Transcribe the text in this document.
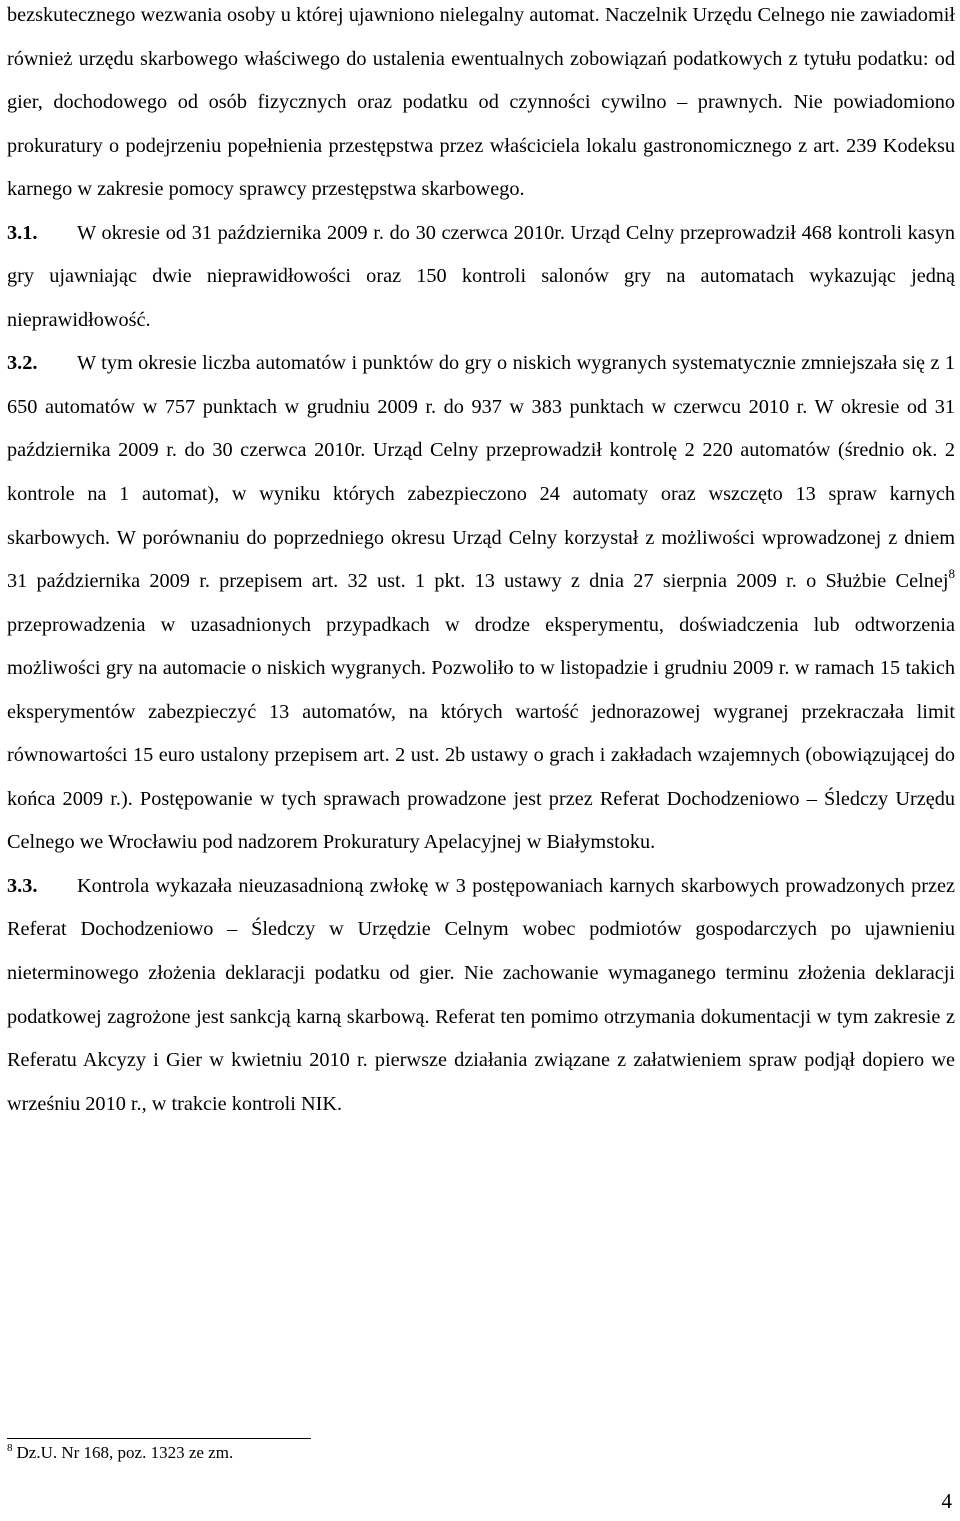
bezskutecznego wezwania osoby u której ujawniono nielegalny automat. Naczelnik Urzędu Celnego nie zawiadomił również urzędu skarbowego właściwego do ustalenia ewentualnych zobowiązań podatkowych z tytułu podatku: od gier, dochodowego od osób fizycznych oraz podatku od czynności cywilno – prawnych. Nie powiadomiono prokuratury o podejrzeniu popełnienia przestępstwa przez właściciela lokalu gastronomicznego z art. 239 Kodeksu karnego w zakresie pomocy sprawcy przestępstwa skarbowego.

3.1. W okresie od 31 października 2009 r. do 30 czerwca 2010r. Urząd Celny przeprowadził 468 kontroli kasyn gry ujawniając dwie nieprawidłowości oraz 150 kontroli salonów gry na automatach wykazując jedną nieprawidłowość.

3.2. W tym okresie liczba automatów i punktów do gry o niskich wygranych systematycznie zmniejszała się z 1 650 automatów w 757 punktach w grudniu 2009 r. do 937 w 383 punktach w czerwcu 2010 r. W okresie od 31 października 2009 r. do 30 czerwca 2010r. Urząd Celny przeprowadził kontrolę 2 220 automatów (średnio ok. 2 kontrole na 1 automat), w wyniku których zabezpieczono 24 automaty oraz wszczęto 13 spraw karnych skarbowych. W porównaniu do poprzedniego okresu Urząd Celny korzystał z możliwości wprowadzonej z dniem 31 października 2009 r. przepisem art. 32 ust. 1 pkt. 13 ustawy z dnia 27 sierpnia 2009 r. o Służbie Celnej$^8$ przeprowadzenia w uzasadnionych przypadkach w drodze eksperymentu, doświadczenia lub odtworzenia możliwości gry na automacie o niskich wygranych. Pozwoliło to w listopadzie i grudniu 2009 r. w ramach 15 takich eksperymentów zabezpieczyć 13 automatów, na których wartość jednorazowej wygranej przekraczała limit równowartości 15 euro ustalony przepisem art. 2 ust. 2b ustawy o grach i zakładach wzajemnych (obowiązującej do końca 2009 r.). Postępowanie w tych sprawach prowadzone jest przez Referat Dochodzeniowo – Śledczy Urzędu Celnego we Wrocławiu pod nadzorem Prokuratury Apelacyjnej w Białymstoku.

3.3. Kontrola wykazała nieuzasadnioną zwłokę w 3 postępowaniach karnych skarbowych prowadzonych przez Referat Dochodzeniowo – Śledczy w Urzędzie Celnym wobec podmiotów gospodarczych po ujawnieniu nieterminowego złożenia deklaracji podatku od gier. Nie zachowanie wymaganego terminu złożenia deklaracji podatkowej zagrożone jest sankcją karną skarbową. Referat ten pomimo otrzymania dokumentacji w tym zakresie z Referatu Akcyzy i Gier w kwietniu 2010 r. pierwsze działania związane z załatwieniem spraw podjął dopiero we wrześniu 2010 r., w trakcie kontroli NIK.

$^8$ Dz.U. Nr 168, poz. 1323 ze zm.
4
